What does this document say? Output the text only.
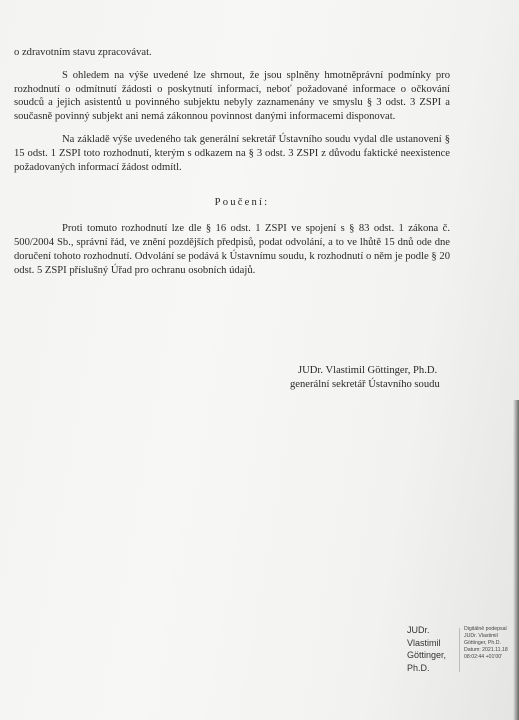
o zdravotním stavu zpracovávat.

S ohledem na výše uvedené lze shrnout, že jsou splněny hmotněprávní podmínky pro rozhodnutí o odmítnutí žádosti o poskytnutí informací, neboť požadované informace o očkování soudců a jejich asistentů u povinného subjektu nebyly zaznamenány ve smyslu § 3 odst. 3 ZSPI a současně povinný subjekt ani nemá zákonnou povinnost danými informacemi disponovat.

Na základě výše uvedeného tak generální sekretář Ústavního soudu vydal dle ustanovení § 15 odst. 1 ZSPI toto rozhodnutí, kterým s odkazem na § 3 odst. 3 ZSPI z důvodu faktické neexistence požadovaných informací žádost odmítl.

Poučení:

Proti tomuto rozhodnutí lze dle § 16 odst. 1 ZSPI ve spojení s § 83 odst. 1 zákona č. 500/2004 Sb., správní řád, ve znění pozdějších předpisů, podat odvolání, a to ve lhůtě 15 dnů ode dne doručení tohoto rozhodnutí. Odvolání se podává k Ústavnímu soudu, k rozhodnutí o něm je podle § 20 odst. 5 ZSPI příslušný Úřad pro ochranu osobních údajů.

JUDr. Vlastimil Göttinger, Ph.D.
generální sekretář Ústavního soudu
JUDr.
Vlastimil
Göttinger,
Ph.D.
Digitálně podepsal
JUDr. Vlastimil
Göttinger, Ph.D.
Datum: 2021.11.18
08:02:44 +01'00'
